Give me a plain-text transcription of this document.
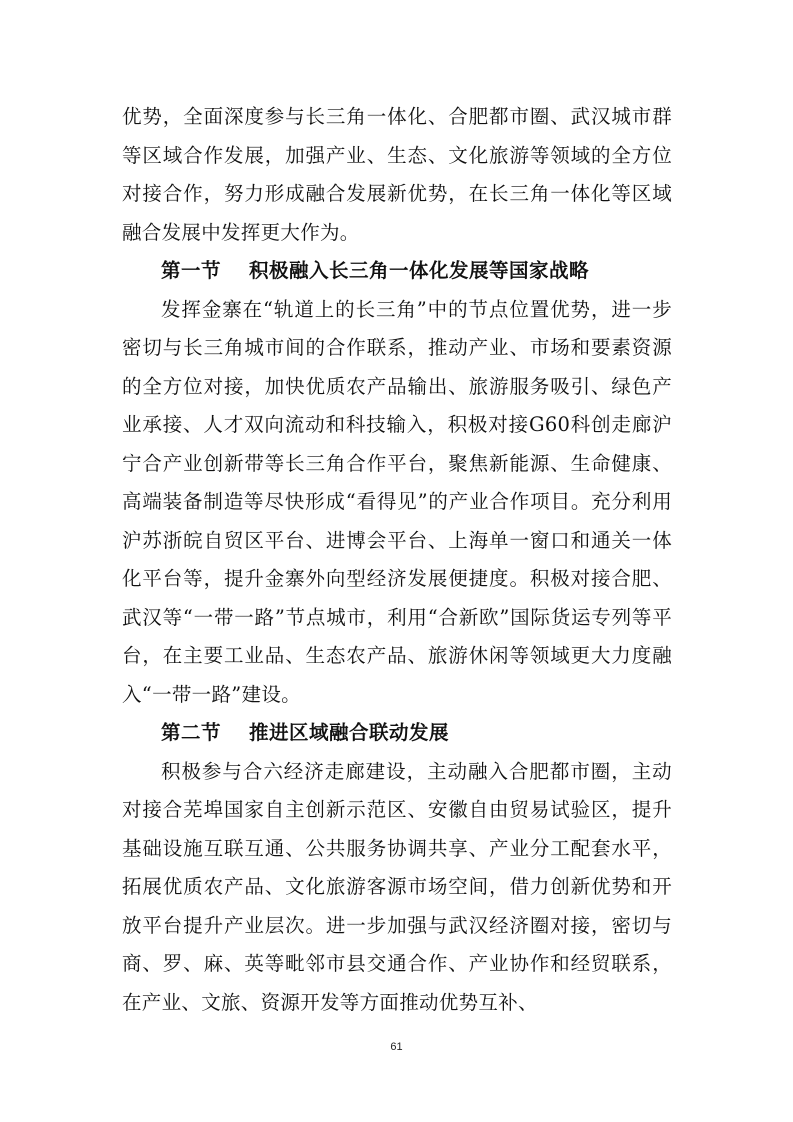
优势，全面深度参与长三角一体化、合肥都市圈、武汉城市群等区域合作发展，加强产业、生态、文化旅游等领域的全方位对接合作，努力形成融合发展新优势，在长三角一体化等区域融合发展中发挥更大作为。

第一节 积极融入长三角一体化发展等国家战略

发挥金寨在“轨道上的长三角”中的节点位置优势，进一步密切与长三角城市间的合作联系，推动产业、市场和要素资源的全方位对接，加快优质农产品输出、旅游服务吸引、绿色产业承接、人才双向流动和科技输入，积极对接G60科创走廊沪宁合产业创新带等长三角合作平台，聚焦新能源、生命健康、高端装备制造等尽快形成“看得见”的产业合作项目。充分利用沪苏浙皖自贸区平台、进博会平台、上海单一窗口和通关一体化平台等，提升金寨外向型经济发展便捷度。积极对接合肥、武汉等“一带一路”节点城市，利用“合新欧”国际货运专列等平台，在主要工业品、生态农产品、旅游休闲等领域更大力度融入“一带一路”建设。

第二节 推进区域融合联动发展

积极参与合六经济走廊建设，主动融入合肥都市圈，主动对接合芜埠国家自主创新示范区、安徽自由贸易试验区，提升基础设施互联互通、公共服务协调共享、产业分工配套水平，拓展优质农产品、文化旅游客源市场空间，借力创新优势和开放平台提升产业层次。进一步加强与武汉经济圈对接，密切与商、罗、麻、英等毗邻市县交通合作、产业协作和经贸联系，在产业、文旅、资源开发等方面推动优势互补、

61
